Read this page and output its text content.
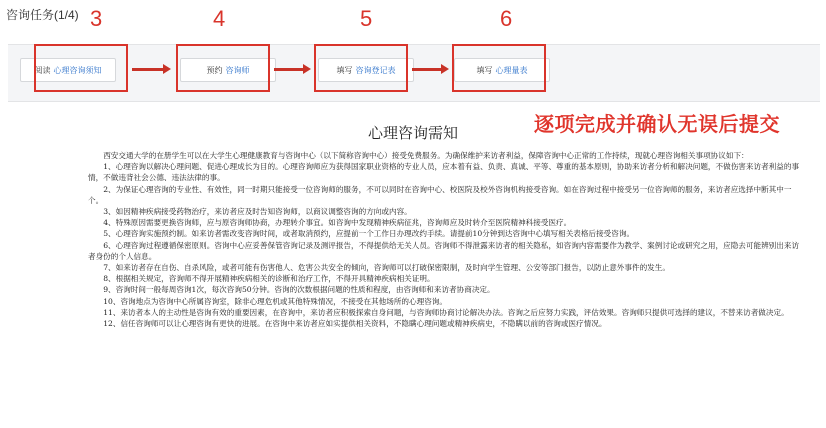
咨询任务(1/4)
阅读 心理咨询须知	预约 咨询师	填写 咨询登记表	填写 心理量表
3	4	5	6
逐项完成并确认无误后提交
心理咨询需知

西安交通大学的在册学生可以在大学生心理健康教育与咨询中心（以下简称咨询中心）接受免费服务。为确保维护来访者利益，保障咨询中心正常的工作持续，现就心理咨询相关事项协议如下：

1、心理咨询以解决心理问题、促进心理成长为目的。心理咨询师应为获得国家职业资格的专业人员，应本着有益、负责、真诚、平等、尊重的基本原则，协助来访者分析和解决问题，不做伤害来访者利益的事情，不做违背社会公德、违法法律的事。

2、为保证心理咨询的专业性、有效性，同一时期只能接受一位咨询师的服务，不可以同时在咨询中心、校医院及校外咨询机构接受咨询。如在咨询过程中接受另一位咨询师的服务，来访者应选择中断其中一个。

3、如因精神疾病接受药物治疗，来访者应及时告知咨询师，以商议调整咨询的方向或内容。

4、特殊原因需要更换咨询师，应与原咨询师协商，办理转介事宜。如咨询中发现精神疾病征兆，咨询师应及时转介至医院精神科接受医疗。

5、心理咨询实施预约制。如来访者需改变咨询时间，或者取消预约，应提前一个工作日办理改约手续。请提前10分钟到达咨询中心填写相关表格后接受咨询。

6、心理咨询过程遵循保密原则。咨询中心应妥善保管咨询记录及测评报告，不得提供给无关人员。咨询师不得泄露来访者的相关隐私，如咨询内容需要作为教学、案例讨论或研究之用，应隐去可能辨别出来访者身份的个人信息。

7、如来访者存在自伤、自杀风险，或者可能有伤害他人、危害公共安全的倾向，咨询师可以打破保密限制，及时向学生管理、公安等部门报告，以防止意外事件的发生。

8、根据相关规定，咨询师不得开展精神疾病相关的诊断和治疗工作，不得开具精神疾病相关证明。

9、咨询时间一般每周咨询1次，每次咨询50分钟。咨询的次数根据问题的性质和程度，由咨询师和来访者协商决定。

10、咨询地点为咨询中心所属咨询室，除非心理危机或其他特殊情况，不接受在其他场所的心理咨询。

11、来访者本人的主动性是咨询有效的重要因素，在咨询中，来访者应积极探索自身问题，与咨询师协商讨论解决办法。咨询之后应努力实践，评估效果。咨询师只提供可选择的建议，不替来访者做决定。

12、信任咨询师可以让心理咨询有更快的进展。在咨询中来访者应如实提供相关资料，不隐瞒心理问题或精神疾病史，不隐瞒以前的咨询或医疗情况。
